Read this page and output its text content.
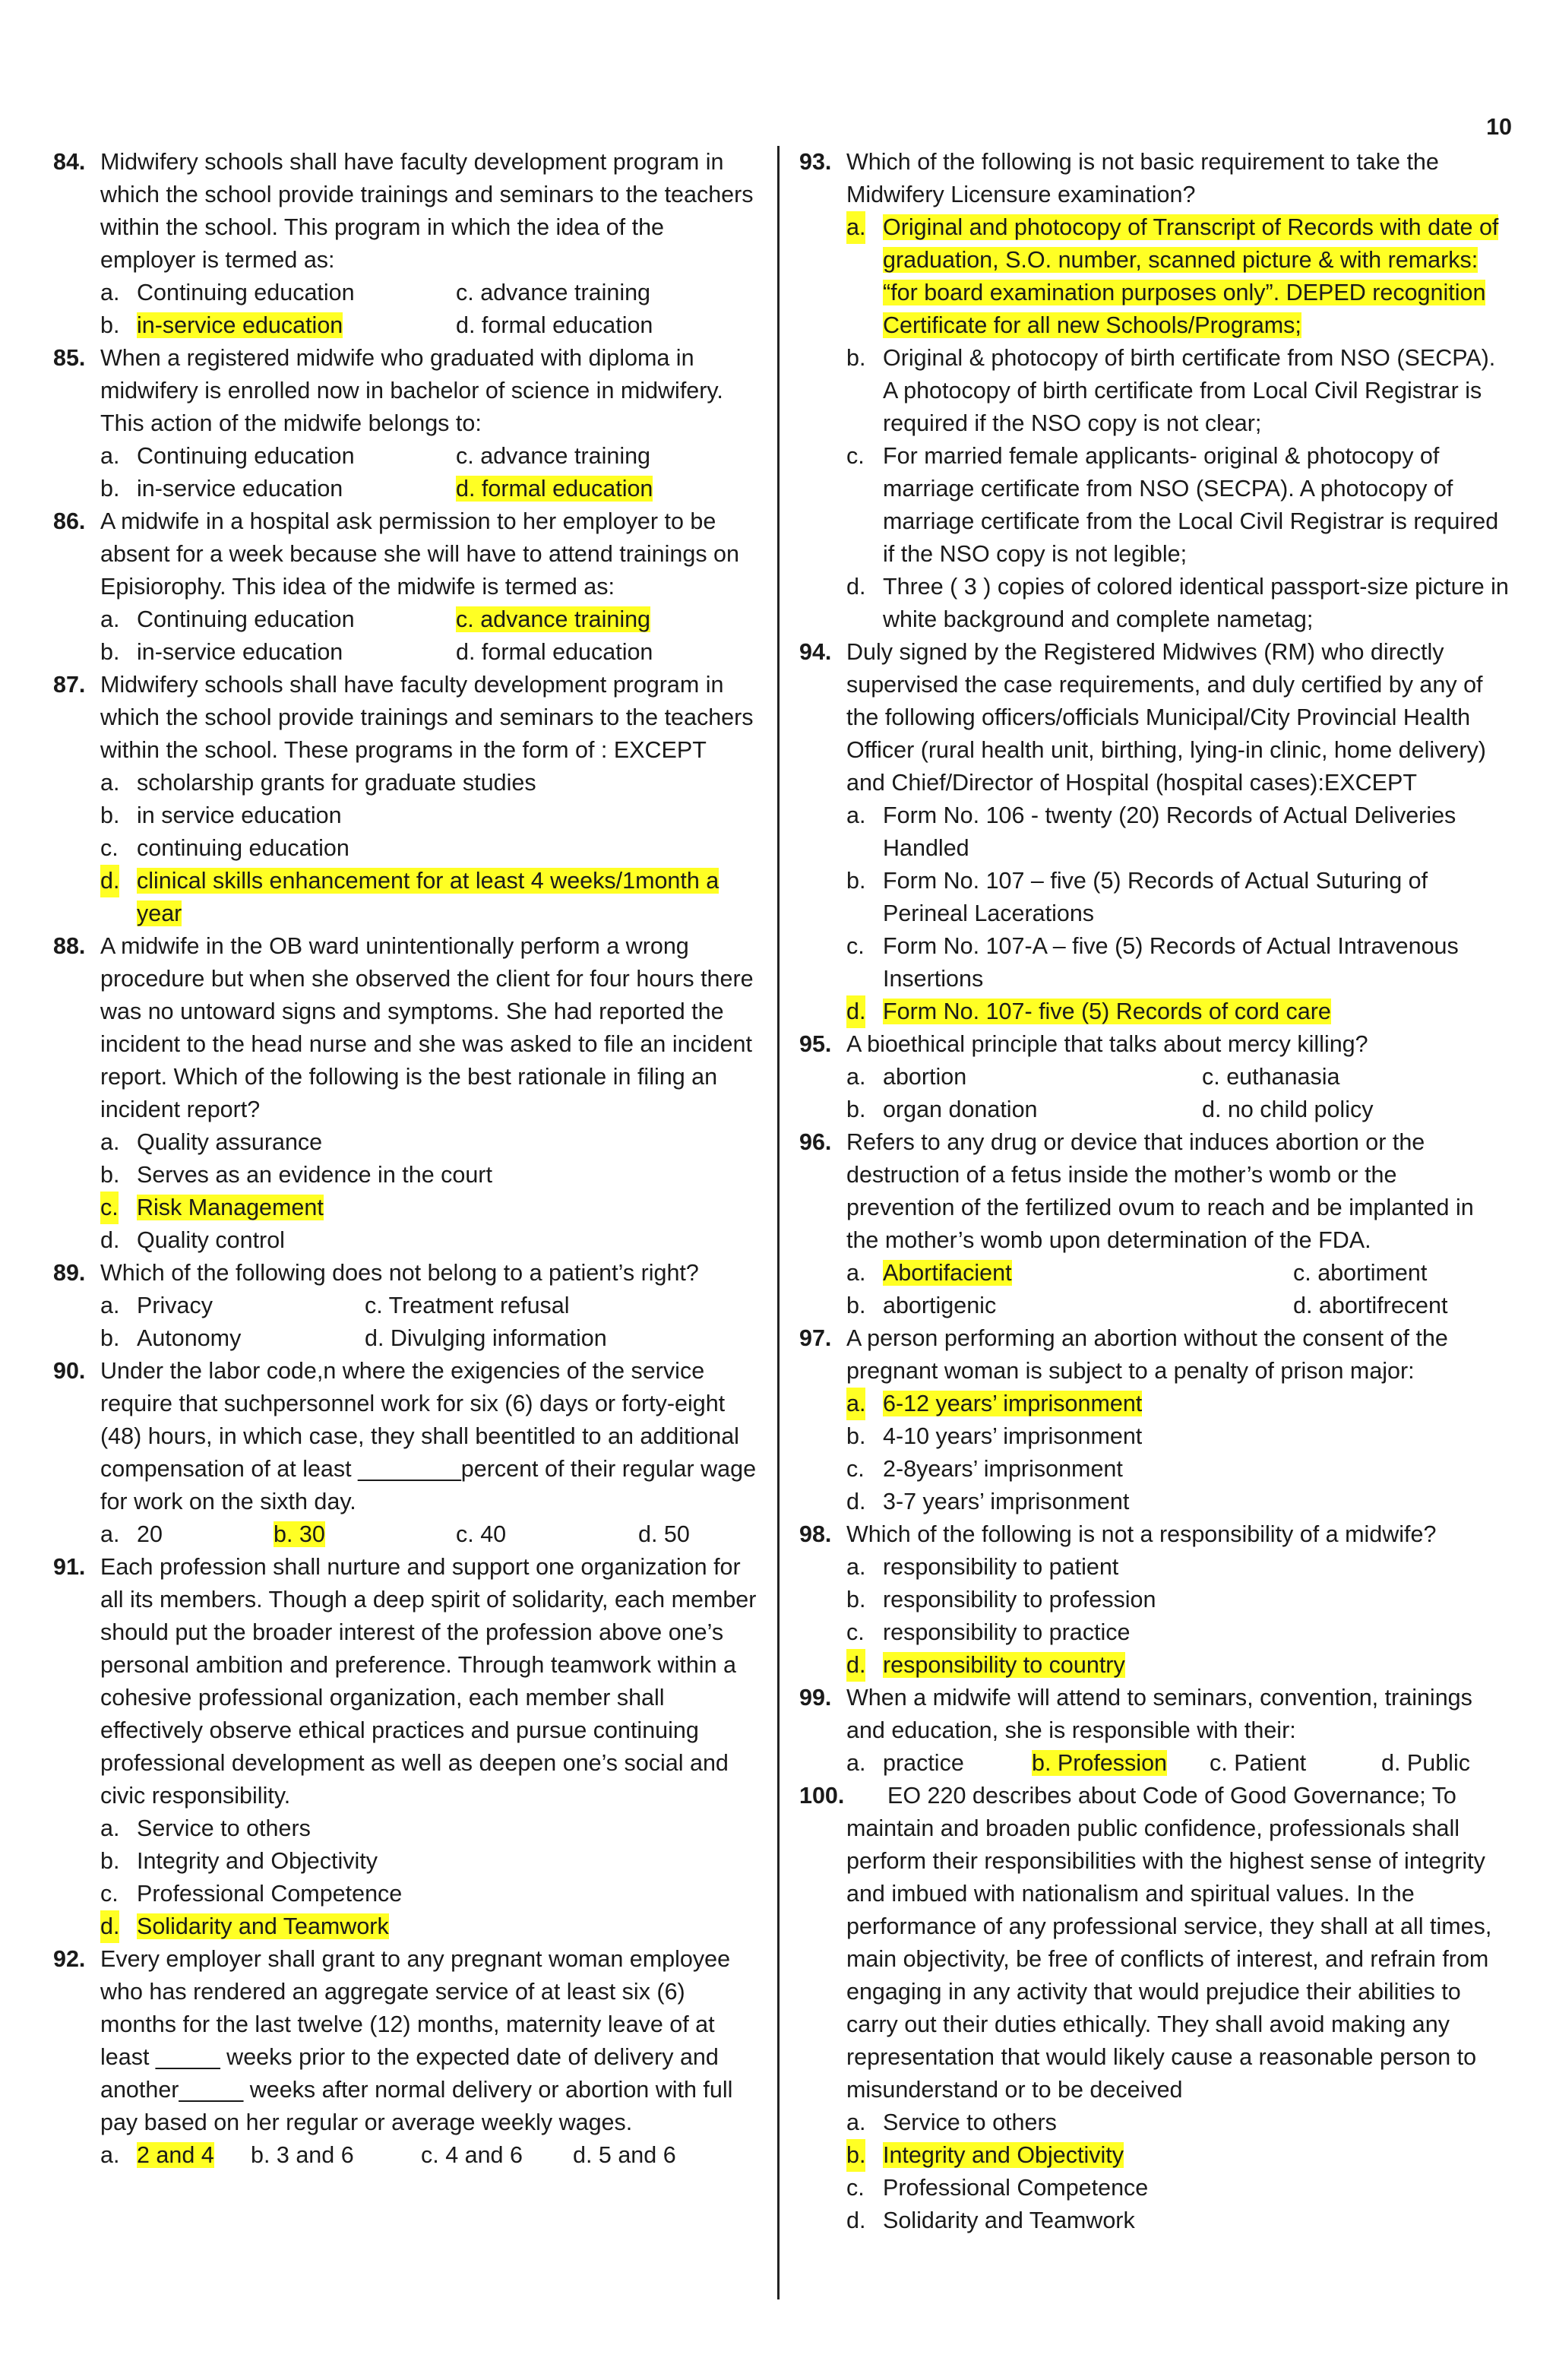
10
84. Midwifery schools shall have faculty development program in which the school provide trainings and seminars to the teachers within the school. This program in which the idea of the employer is termed as:
a. Continuing education	c. advance training
b. in-service education	d. formal education
85. When a registered midwife who graduated with diploma in midwifery is enrolled now in bachelor of science in midwifery. This action of the midwife belongs to:
a. Continuing education	c. advance training
b. in-service education	d. formal education
86. A midwife in a hospital ask permission to her employer to be absent for a week because she will have to attend trainings on Episiorophy. This idea of the midwife is termed as:
a. Continuing education	c. advance training
b. in-service education	d. formal education
87. Midwifery schools shall have faculty development program in which the school provide trainings and seminars to the teachers within the school. These programs in the form of : EXCEPT
a. scholarship grants for graduate studies
b. in service education
c. continuing education
d. clinical skills enhancement for at least 4 weeks/1month a year
88. A midwife in the OB ward unintentionally perform a wrong procedure but when she observed the client for four hours there was no untoward signs and symptoms. She had reported the incident to the head nurse and she was asked to file an incident report. Which of the following is the best rationale in filing an incident report?
a. Quality assurance
b. Serves as an evidence in the court
c. Risk Management
d. Quality control
89. Which of the following does not belong to a patient’s right?
a. Privacy	c. Treatment refusal
b. Autonomy	d. Divulging information
90. Under the labor code,n where the exigencies of the service require that suchpersonnel work for six (6) days or forty-eight (48) hours, in which case, they shall beentitled to an additional compensation of at least ________percent of their regular wage for work on the sixth day.
a. 20	b. 30	c. 40	d. 50
91. Each profession shall nurture and support one organization for all its members. Though a deep spirit of solidarity, each member should put the broader interest of the profession above one’s personal ambition and preference. Through teamwork within a cohesive professional organization, each member shall effectively observe ethical practices and pursue continuing professional development as well as deepen one’s social and civic responsibility.
a. Service to others
b. Integrity and Objectivity
c. Professional Competence
d. Solidarity and Teamwork
92. Every employer shall grant to any pregnant woman employee who has rendered an aggregate service of at least six (6) months for the last twelve (12) months, maternity leave of at least _____ weeks prior to the expected date of delivery and another_____ weeks after normal delivery or abortion with full pay based on her regular or average weekly wages.
a. 2 and 4	b. 3 and 6	c. 4 and 6	d. 5 and 6
93. Which of the following is not basic requirement to take the Midwifery Licensure examination?
a. Original and photocopy of Transcript of Records with date of graduation, S.O. number, scanned picture & with remarks: “for board examination purposes only”. DEPED recognition Certificate for all new Schools/Programs;
b. Original & photocopy of birth certificate from NSO (SECPA). A photocopy of birth certificate from Local Civil Registrar is required if the NSO copy is not clear;
c. For married female applicants- original & photocopy of marriage certificate from NSO (SECPA). A photocopy of marriage certificate from the Local Civil Registrar is required if the NSO copy is not legible;
d. Three ( 3 ) copies of colored identical passport-size picture in white background and complete nametag;
94. Duly signed by the Registered Midwives (RM) who directly supervised the case requirements, and duly certified by any of the following officers/officials Municipal/City Provincial Health Officer (rural health unit, birthing, lying-in clinic, home delivery) and Chief/Director of Hospital (hospital cases):EXCEPT
a. Form No. 106 - twenty (20) Records of Actual Deliveries Handled
b. Form No. 107 – five (5) Records of Actual Suturing of Perineal Lacerations
c. Form No. 107-A – five (5) Records of Actual Intravenous Insertions
d. Form No. 107- five (5) Records of cord care
95. A bioethical principle that talks about mercy killing?
a. abortion	c. euthanasia
b. organ donation	d. no child policy
96. Refers to any drug or device that induces abortion or the destruction of a fetus inside the mother’s womb or the prevention of the fertilized ovum to reach and be implanted in the mother’s womb upon determination of the FDA.
a. Abortifacient	c. abortiment
b. abortigenic	d. abortifrecent
97. A person performing an abortion without the consent of the pregnant woman is subject to a penalty of prison major:
a. 6-12 years’ imprisonment
b. 4-10 years’ imprisonment
c. 2-8years’ imprisonment
d. 3-7 years’ imprisonment
98. Which of the following is not a responsibility of a midwife?
a. responsibility to patient
b. responsibility to profession
c. responsibility to practice
d. responsibility to country
99. When a midwife will attend to seminars, convention, trainings and education, she is responsible with their:
a. practice	b. Profession	c. Patient	d. Public
100.	EO 220 describes about Code of Good Governance; To maintain and broaden public confidence, professionals shall perform their responsibilities with the highest sense of integrity and imbued with nationalism and spiritual values. In the performance of any professional service, they shall at all times, main objectivity, be free of conflicts of interest, and refrain from engaging in any activity that would prejudice their abilities to carry out their duties ethically. They shall avoid making any representation that would likely cause a reasonable person to misunderstand or to be deceived
a. Service to others
b. Integrity and Objectivity
c. Professional Competence
d. Solidarity and Teamwork
